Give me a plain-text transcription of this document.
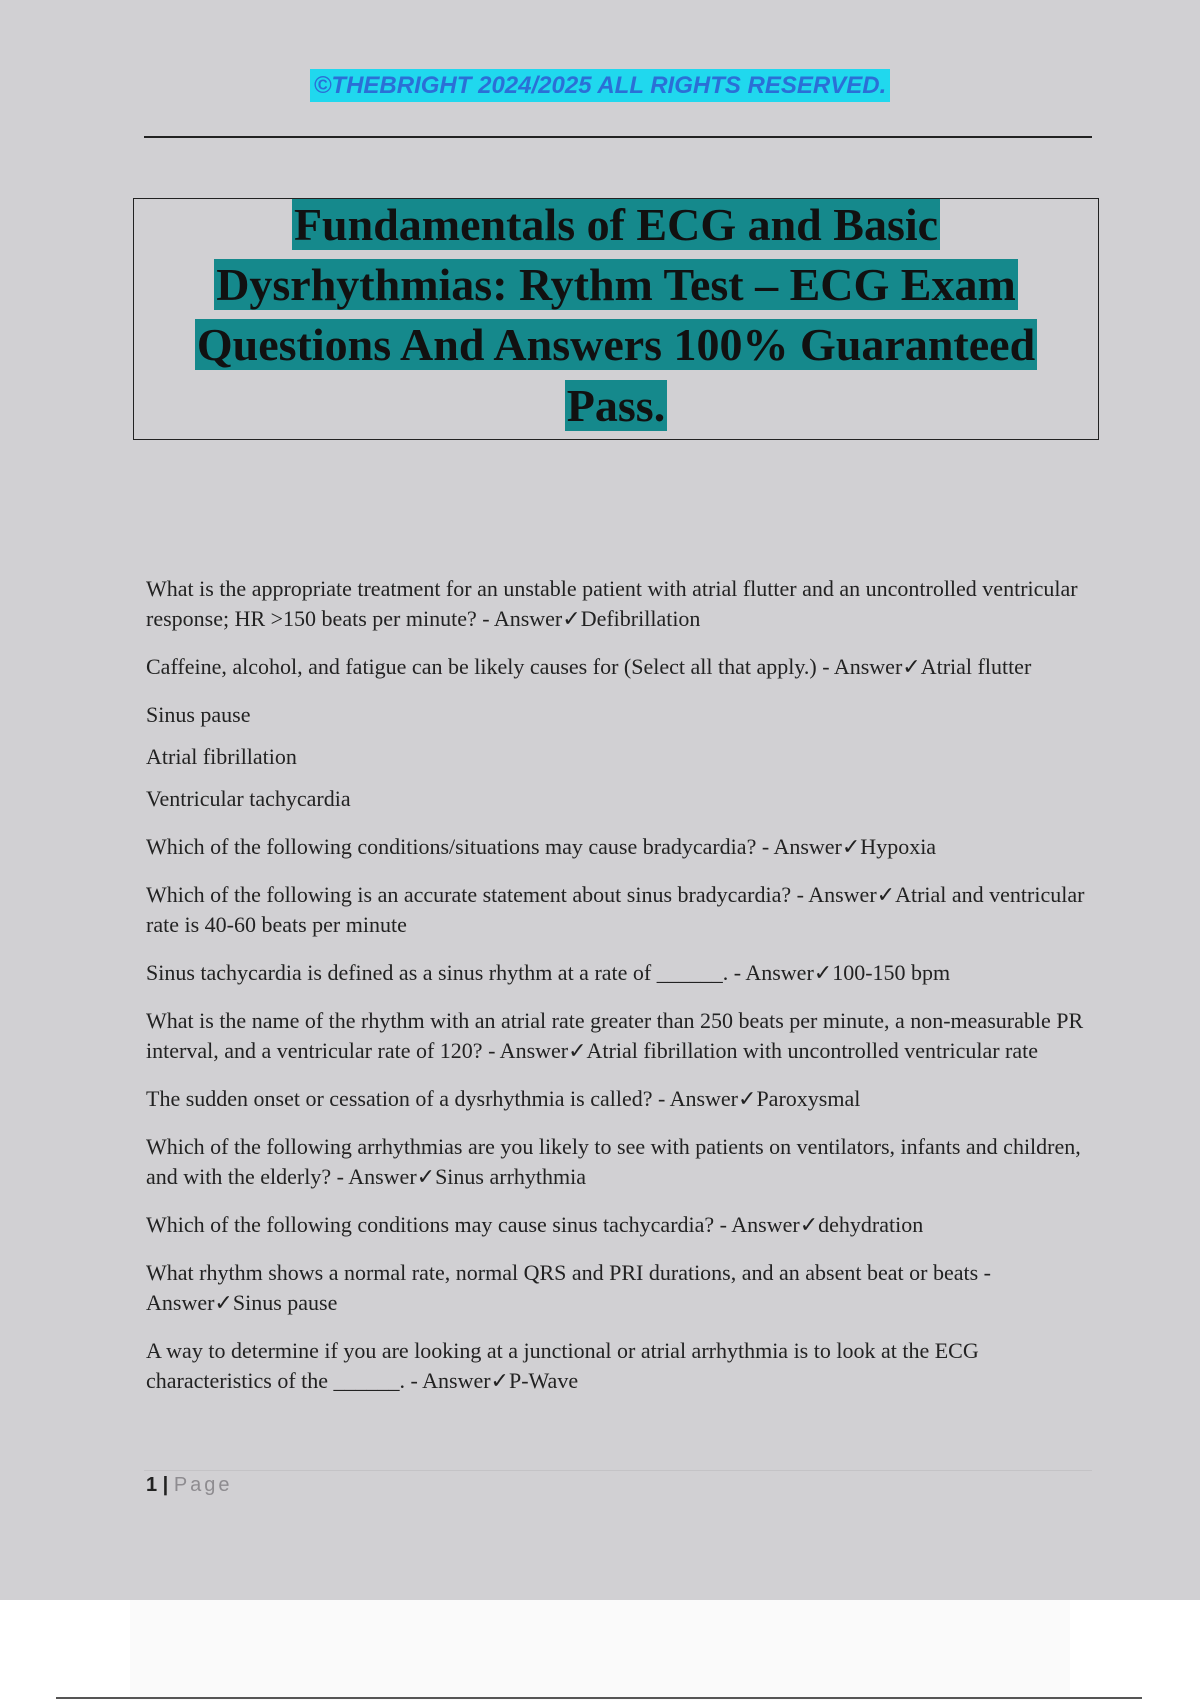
©THEBRIGHT 2024/2025 ALL RIGHTS RESERVED.
Fundamentals of ECG and Basic
Dysrhythmias: Rythm Test – ECG Exam
Questions And Answers 100% Guaranteed
Pass.

What is the appropriate treatment for an unstable patient with atrial flutter and an uncontrolled ventricular response; HR >150 beats per minute? - Answer✓Defibrillation

Caffeine, alcohol, and fatigue can be likely causes for (Select all that apply.) - Answer✓Atrial flutter

Sinus pause

Atrial fibrillation

Ventricular tachycardia

Which of the following conditions/situations may cause bradycardia? - Answer✓Hypoxia

Which of the following is an accurate statement about sinus bradycardia? - Answer✓Atrial and ventricular rate is 40-60 beats per minute

Sinus tachycardia is defined as a sinus rhythm at a rate of ______. - Answer✓100-150 bpm

What is the name of the rhythm with an atrial rate greater than 250 beats per minute, a non-measurable PR interval, and a ventricular rate of 120? - Answer✓Atrial fibrillation with uncontrolled ventricular rate

The sudden onset or cessation of a dysrhythmia is called? - Answer✓Paroxysmal

Which of the following arrhythmias are you likely to see with patients on ventilators, infants and children, and with the elderly? - Answer✓Sinus arrhythmia

Which of the following conditions may cause sinus tachycardia? - Answer✓dehydration

What rhythm shows a normal rate, normal QRS and PRI durations, and an absent beat or beats - Answer✓Sinus pause

A way to determine if you are looking at a junctional or atrial arrhythmia is to look at the ECG characteristics of the ______. - Answer✓P-Wave

1 | Page
